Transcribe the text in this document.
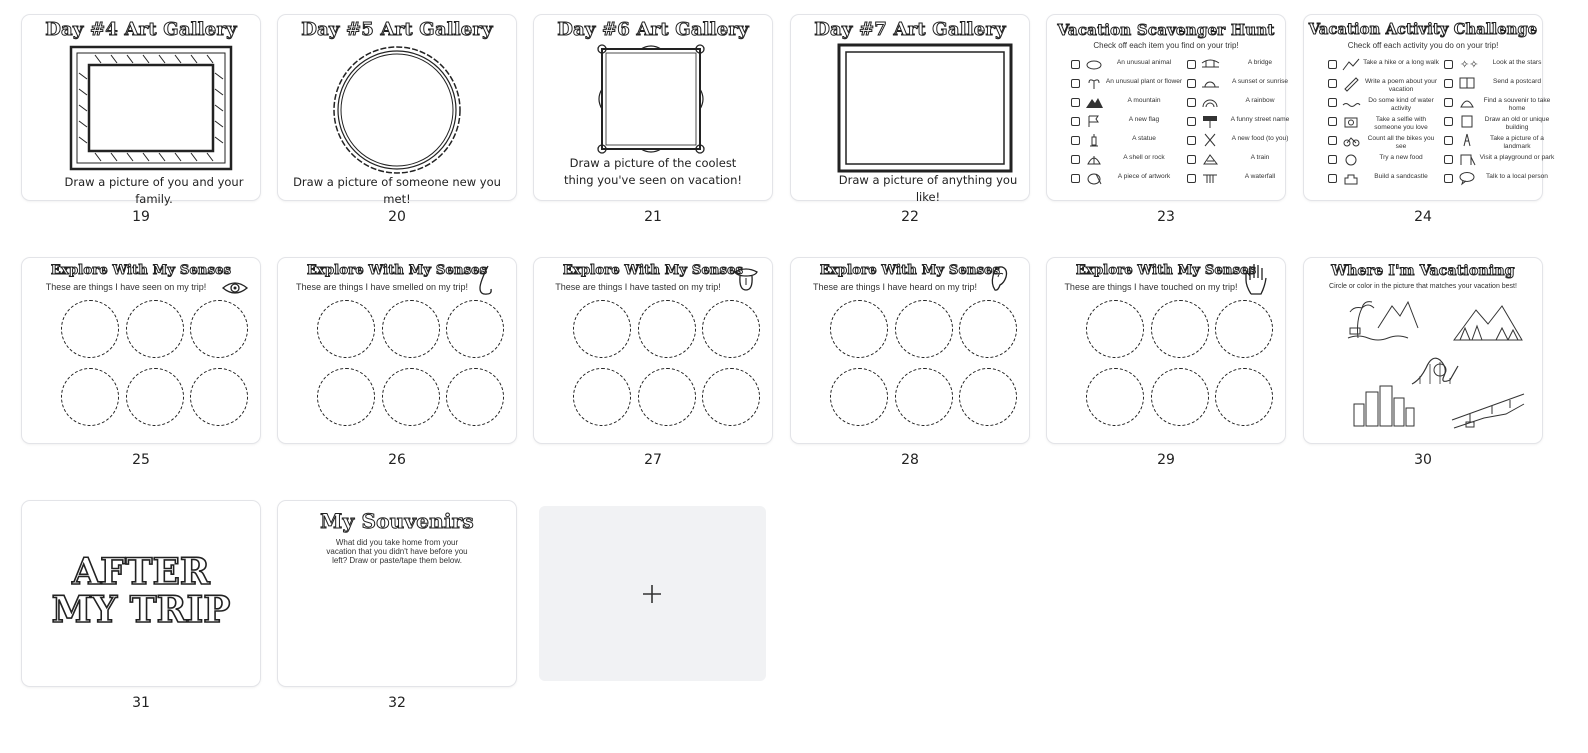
Day #4 Art Gallery
Draw a picture of you and your family.
19
Day #5 Art Gallery
Draw a picture of someone new you met!
20
Day #6 Art Gallery
Draw a picture of the coolest thing you've seen on vacation!
21
Day #7 Art Gallery
Draw a picture of anything you like!
22
Vacation Scavenger Hunt
Check off each item you find on your trip!
An unusual animal
An unusual plant or flower
A mountain
A new flag
A statue
A shell or rock
A piece of artwork
A bridge
A sunset or sunrise
A rainbow
A funny street name
A new food (to you)
A train
A waterfall
23
Vacation Activity Challenge
Check off each activity you do on your trip!
Take a hike or a long walk
Write a poem about your vacation
Do some kind of water activity
Take a selfie with someone you love
Count all the bikes you see
Try a new food
Build a sandcastle
✧✧	Look at the stars
Send a postcard
Find a souvenir to take home
Draw an old or unique building
Take a picture of a landmark
Visit a playground or park
Talk to a local person
24
Explore With My Senses
These are things I have seen on my trip!
25
Explore With My Senses
These are things I have smelled on my trip!
26
Explore With My Senses
These are things I have tasted on my trip!
27
Explore With My Senses
These are things I have heard on my trip!
28
Explore With My Senses
These are things I have touched on my trip!
29
Where I'm Vacationing
Circle or color in the picture that matches your vacation best!
30
AFTER MY TRIP
31
My Souvenirs
What did you take home from your vacation that you didn't have before you left? Draw or paste/tape them below.
32
